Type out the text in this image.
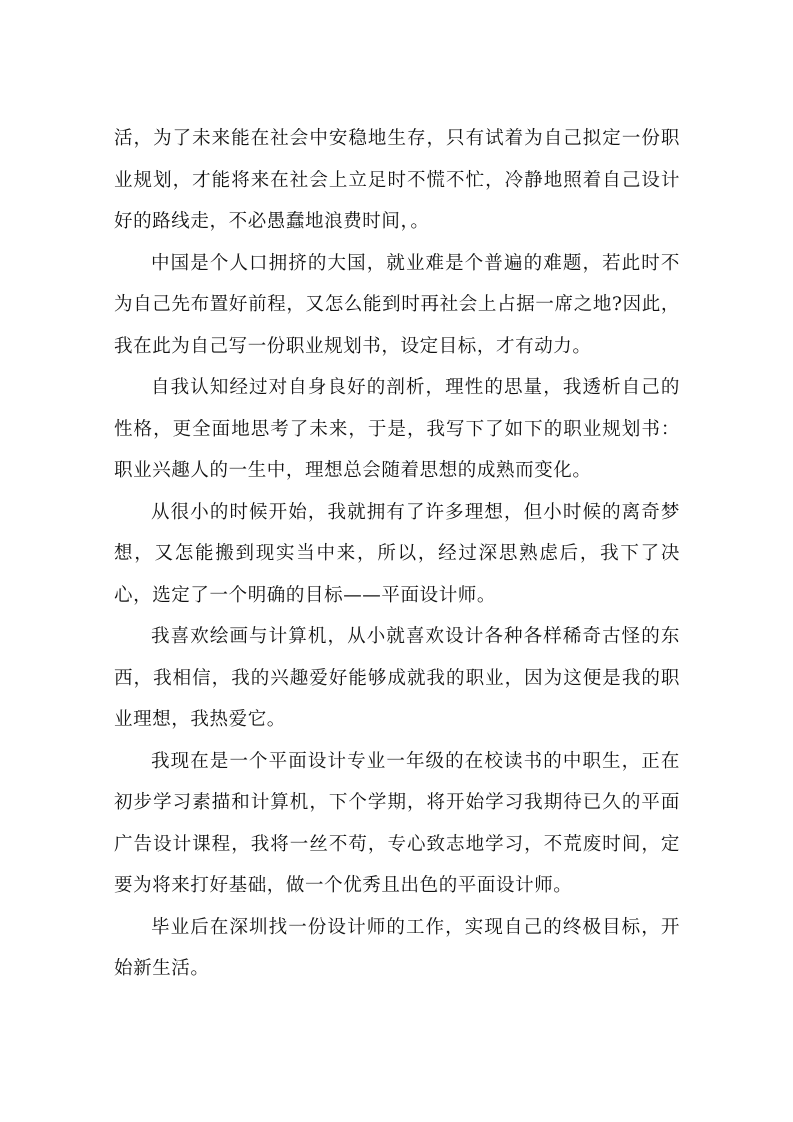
活，为了未来能在社会中安稳地生存，只有试着为自己拟定一份职业规划，才能将来在社会上立足时不慌不忙，冷静地照着自己设计好的路线走，不必愚蠢地浪费时间，。

中国是个人口拥挤的大国，就业难是个普遍的难题，若此时不为自己先布置好前程，又怎么能到时再社会上占据一席之地?因此，我在此为自己写一份职业规划书，设定目标，才有动力。

自我认知经过对自身良好的剖析，理性的思量，我透析自己的性格，更全面地思考了未来，于是，我写下了如下的职业规划书：职业兴趣人的一生中，理想总会随着思想的成熟而变化。

从很小的时候开始，我就拥有了许多理想，但小时候的离奇梦想，又怎能搬到现实当中来，所以，经过深思熟虑后，我下了决心，选定了一个明确的目标——平面设计师。

我喜欢绘画与计算机，从小就喜欢设计各种各样稀奇古怪的东西，我相信，我的兴趣爱好能够成就我的职业，因为这便是我的职业理想，我热爱它。

我现在是一个平面设计专业一年级的在校读书的中职生，正在初步学习素描和计算机，下个学期，将开始学习我期待已久的平面广告设计课程，我将一丝不苟，专心致志地学习，不荒废时间，定要为将来打好基础，做一个优秀且出色的平面设计师。

毕业后在深圳找一份设计师的工作，实现自己的终极目标，开始新生活。
